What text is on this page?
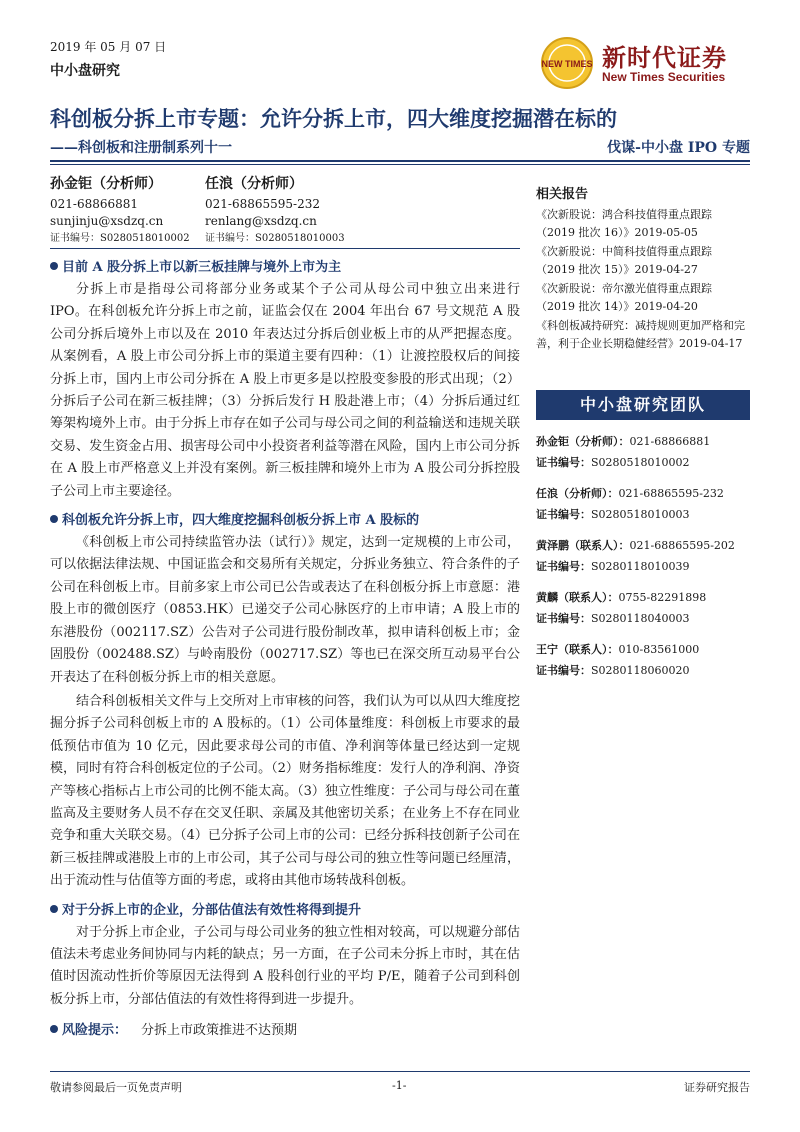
2019 年 05 月 07 日
中小盘研究	NEW TIMES 新时代证券
New Times Securities
科创板分拆上市专题：允许分拆上市，四大维度挖掘潜在标的
——科创板和注册制系列十一	伐谋-中小盘 IPO 专题
孙金钜（分析师）
021-68866881
sunjinju@xsdzq.cn
证书编号：S0280518010002
任浪（分析师）
021-68865595-232
renlang@xsdzq.cn
证书编号：S0280518010003
目前 A 股分拆上市以新三板挂牌与境外上市为主

分拆上市是指母公司将部分业务或某个子公司从母公司中独立出来进行 IPO。在科创板允许分拆上市之前，证监会仅在 2004 年出台 67 号文规范 A 股公司分拆后境外上市以及在 2010 年表达过分拆后创业板上市的从严把握态度。从案例看，A 股上市公司分拆上市的渠道主要有四种：（1）让渡控股权后的间接分拆上市，国内上市公司分拆在 A 股上市更多是以控股变参股的形式出现；（2）分拆后子公司在新三板挂牌；（3）分拆后发行 H 股赴港上市；（4）分拆后通过红筹架构境外上市。由于分拆上市存在如子公司与母公司之间的利益输送和违规关联交易、发生资金占用、损害母公司中小投资者利益等潜在风险，国内上市公司分拆在 A 股上市严格意义上并没有案例。新三板挂牌和境外上市为 A 股公司分拆控股子公司上市主要途径。

科创板允许分拆上市，四大维度挖掘科创板分拆上市 A 股标的

《科创板上市公司持续监管办法（试行）》规定，达到一定规模的上市公司，可以依据法律法规、中国证监会和交易所有关规定，分拆业务独立、符合条件的子公司在科创板上市。目前多家上市公司已公告或表达了在科创板分拆上市意愿：港股上市的微创医疗（0853.HK）已递交子公司心脉医疗的上市申请；A 股上市的东港股份（002117.SZ）公告对子公司进行股份制改革，拟申请科创板上市；金固股份（002488.SZ）与岭南股份（002717.SZ）等也已在深交所互动易平台公开表达了在科创板分拆上市的相关意愿。

结合科创板相关文件与上交所对上市审核的问答，我们认为可以从四大维度挖掘分拆子公司科创板上市的 A 股标的。（1）公司体量维度：科创板上市要求的最低预估市值为 10 亿元，因此要求母公司的市值、净利润等体量已经达到一定规模，同时有符合科创板定位的子公司。（2）财务指标维度：发行人的净利润、净资产等核心指标占上市公司的比例不能太高。（3）独立性维度：子公司与母公司在董监高及主要财务人员不存在交叉任职、亲属及其他密切关系；在业务上不存在同业竞争和重大关联交易。（4）已分拆子公司上市的公司：已经分拆科技创新子公司在新三板挂牌或港股上市的上市公司，其子公司与母公司的独立性等问题已经厘清，出于流动性与估值等方面的考虑，或将由其他市场转战科创板。

对于分拆上市的企业，分部估值法有效性将得到提升

对于分拆上市企业，子公司与母公司业务的独立性相对较高，可以规避分部估值法未考虑业务间协同与内耗的缺点；另一方面，在子公司未分拆上市时，其在估值时因流动性折价等原因无法得到 A 股科创行业的平均 P/E，随着子公司到科创板分拆上市，分部估值法的有效性将得到进一步提升。

风险提示： 分拆上市政策推进不达预期
相关报告
《次新股说：鸿合科技值得重点跟踪（2019 批次 16）》2019-05-05
《次新股说：中简科技值得重点跟踪（2019 批次 15）》2019-04-27
《次新股说：帝尔激光值得重点跟踪（2019 批次 14）》2019-04-20
《科创板减持研究：减持规则更加严格和完善，利于企业长期稳健经营》2019-04-17
中小盘研究团队
孙金钜（分析师）：021-68866881
证书编号：S0280518010002
任浪（分析师）：021-68865595-232
证书编号：S0280518010003
黄泽鹏（联系人）：021-68865595-202
证书编号：S0280118010039
黄麟（联系人）：0755-82291898
证书编号：S0280118040003
王宁（联系人）：010-83561000
证书编号：S0280118060020
敬请参阅最后一页免责声明	-1-	证券研究报告
